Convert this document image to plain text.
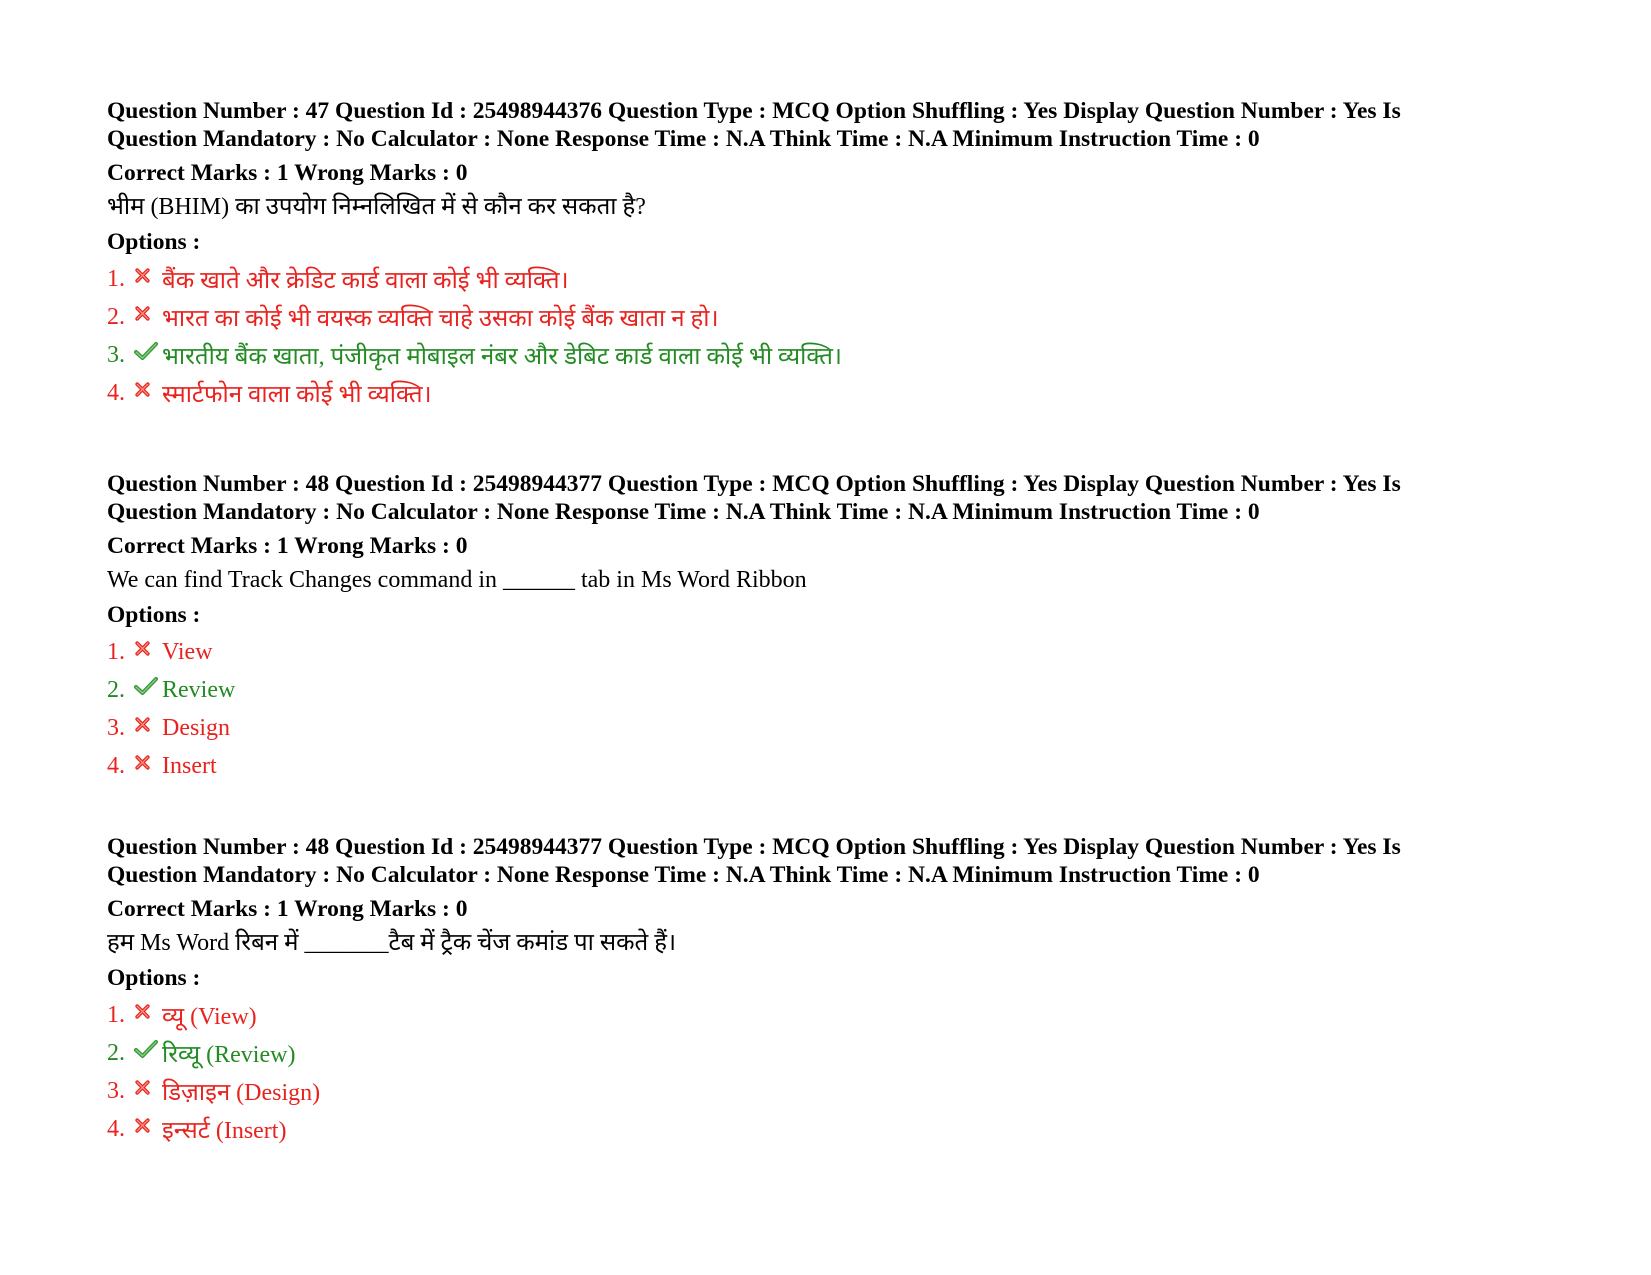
Question Number : 47 Question Id : 25498944376 Question Type : MCQ Option Shuffling : Yes Display Question Number : Yes Is
Question Mandatory : No Calculator : None Response Time : N.A Think Time : N.A Minimum Instruction Time : 0
Correct Marks : 1 Wrong Marks : 0
भीम (BHIM) का उपयोग निम्नलिखित में से कौन कर सकता है?
Options :
1.	बैंक खाते और क्रेडिट कार्ड वाला कोई भी व्यक्ति।
2.	भारत का कोई भी वयस्क व्यक्ति चाहे उसका कोई बैंक खाता न हो।
3.	भारतीय बैंक खाता, पंजीकृत मोबाइल नंबर और डेबिट कार्ड वाला कोई भी व्यक्ति।
4.	स्मार्टफोन वाला कोई भी व्यक्ति।
Question Number : 48 Question Id : 25498944377 Question Type : MCQ Option Shuffling : Yes Display Question Number : Yes Is
Question Mandatory : No Calculator : None Response Time : N.A Think Time : N.A Minimum Instruction Time : 0
Correct Marks : 1 Wrong Marks : 0
We can find Track Changes command in ______ tab in Ms Word Ribbon
Options :
1.	View
2.	Review
3.	Design
4.	Insert
Question Number : 48 Question Id : 25498944377 Question Type : MCQ Option Shuffling : Yes Display Question Number : Yes Is
Question Mandatory : No Calculator : None Response Time : N.A Think Time : N.A Minimum Instruction Time : 0
Correct Marks : 1 Wrong Marks : 0
हम Ms Word रिबन में _______टैब में ट्रैक चेंज कमांड पा सकते हैं।
Options :
1.	व्यू (View)
2.	रिव्यू (Review)
3.	डिज़ाइन (Design)
4.	इन्सर्ट (Insert)
